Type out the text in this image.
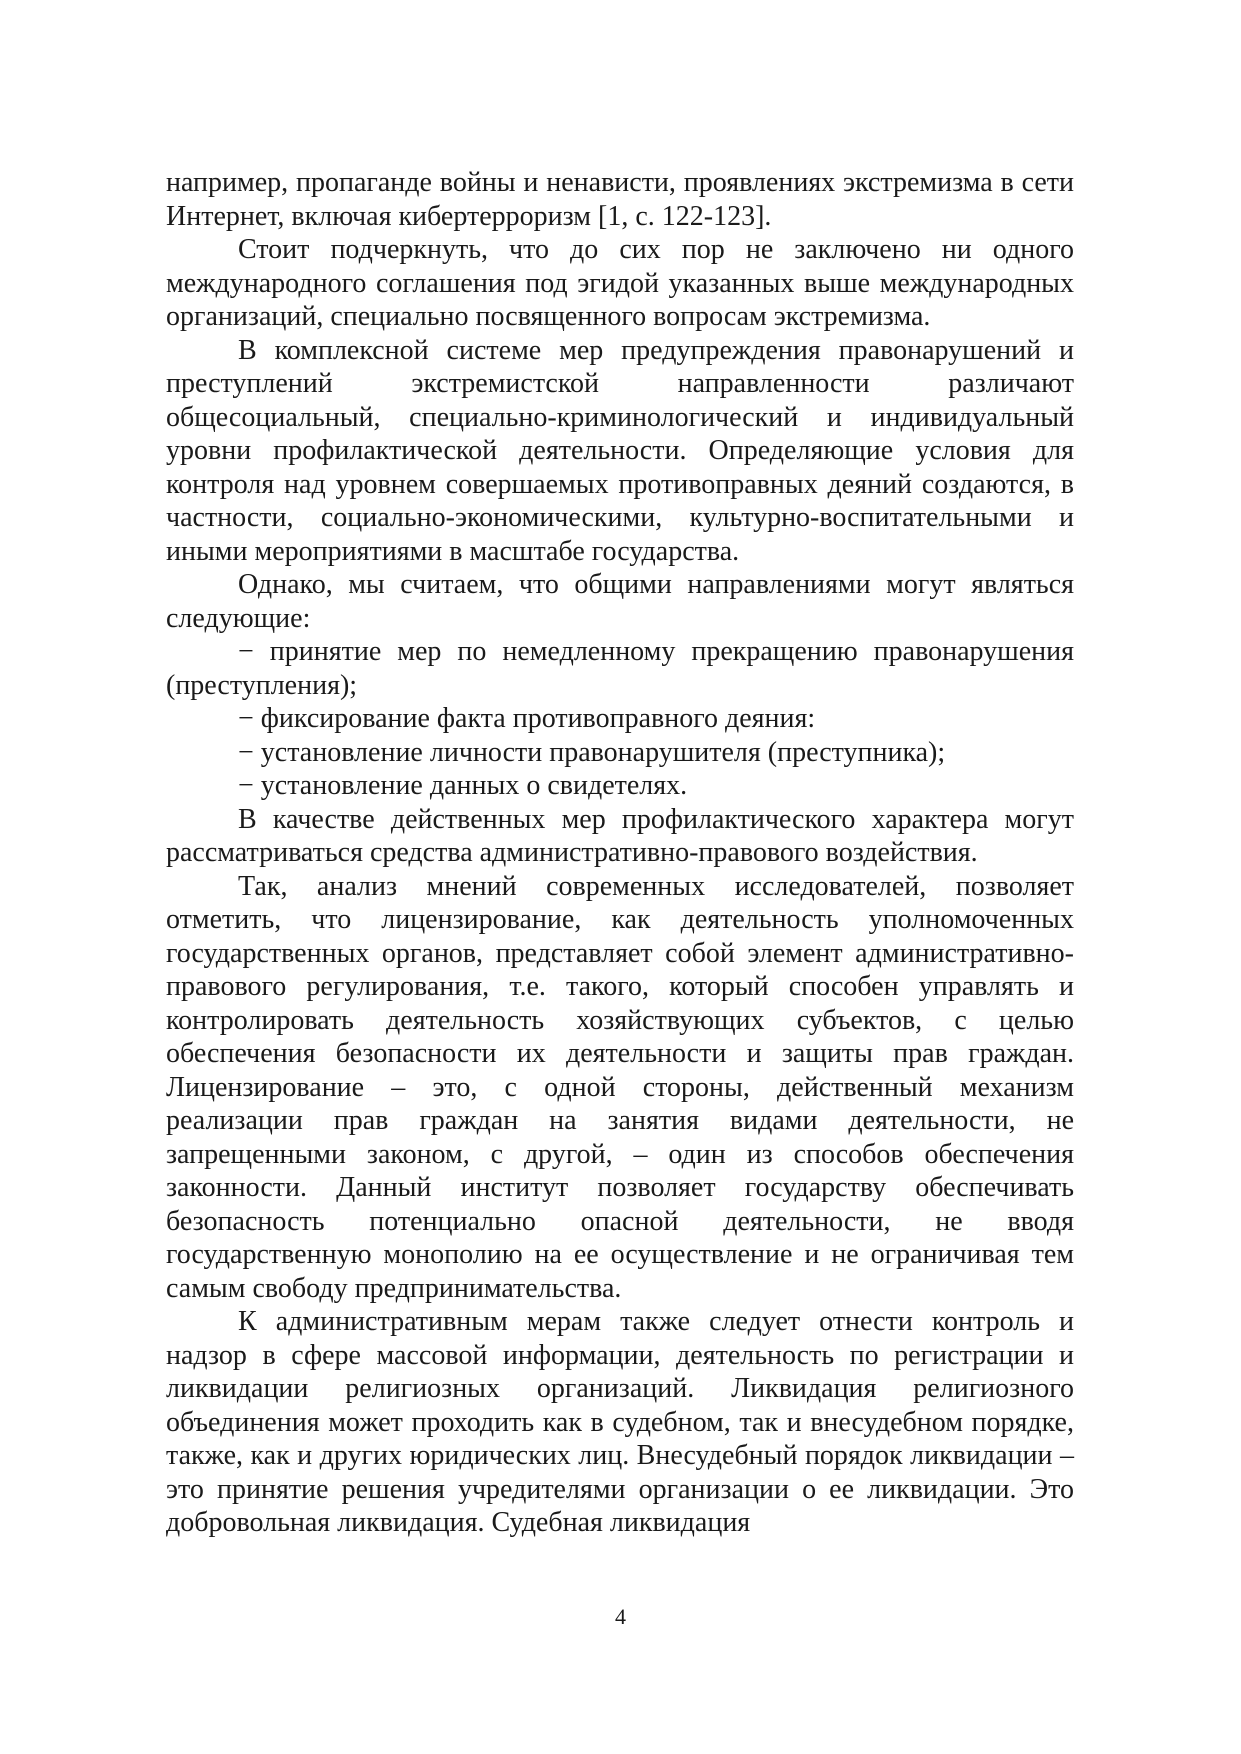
например, пропаганде войны и ненависти, проявлениях экстремизма в сети Интернет, включая кибертерроризм [1, с. 122-123].

Стоит подчеркнуть, что до сих пор не заключено ни одного международного соглашения под эгидой указанных выше международных организаций, специально посвященного вопросам экстремизма.

В комплексной системе мер предупреждения правонарушений и преступлений экстремистской направленности различают общесоциальный, специально-криминологический и индивидуальный уровни профилактической деятельности. Определяющие условия для контроля над уровнем совершаемых противоправных деяний создаются, в частности, социально-экономическими, культурно-воспитательными и иными мероприятиями в масштабе государства.

Однако, мы считаем, что общими направлениями могут являться следующие:

− принятие мер по немедленному прекращению правонарушения (преступления);

− фиксирование факта противоправного деяния:

− установление личности правонарушителя (преступника);

− установление данных о свидетелях.

В качестве действенных мер профилактического характера могут рассматриваться средства административно-правового воздействия.

Так, анализ мнений современных исследователей, позволяет отметить, что лицензирование, как деятельность уполномоченных государственных органов, представляет собой элемент административно-правового регулирования, т.е. такого, который способен управлять и контролировать деятельность хозяйствующих субъектов, с целью обеспечения безопасности их деятельности и защиты прав граждан. Лицензирование – это, с одной стороны, действенный механизм реализации прав граждан на занятия видами деятельности, не запрещенными законом, с другой, – один из способов обеспечения законности. Данный институт позволяет государству обеспечивать безопасность потенциально опасной деятельности, не вводя государственную монополию на ее осуществление и не ограничивая тем самым свободу предпринимательства.

К административным мерам также следует отнести контроль и надзор в сфере массовой информации, деятельность по регистрации и ликвидации религиозных организаций. Ликвидация религиозного объединения может проходить как в судебном, так и внесудебном порядке, также, как и других юридических лиц. Внесудебный порядок ликвидации – это принятие решения учредителями организации о ее ликвидации. Это добровольная ликвидация. Судебная ликвидация

4
